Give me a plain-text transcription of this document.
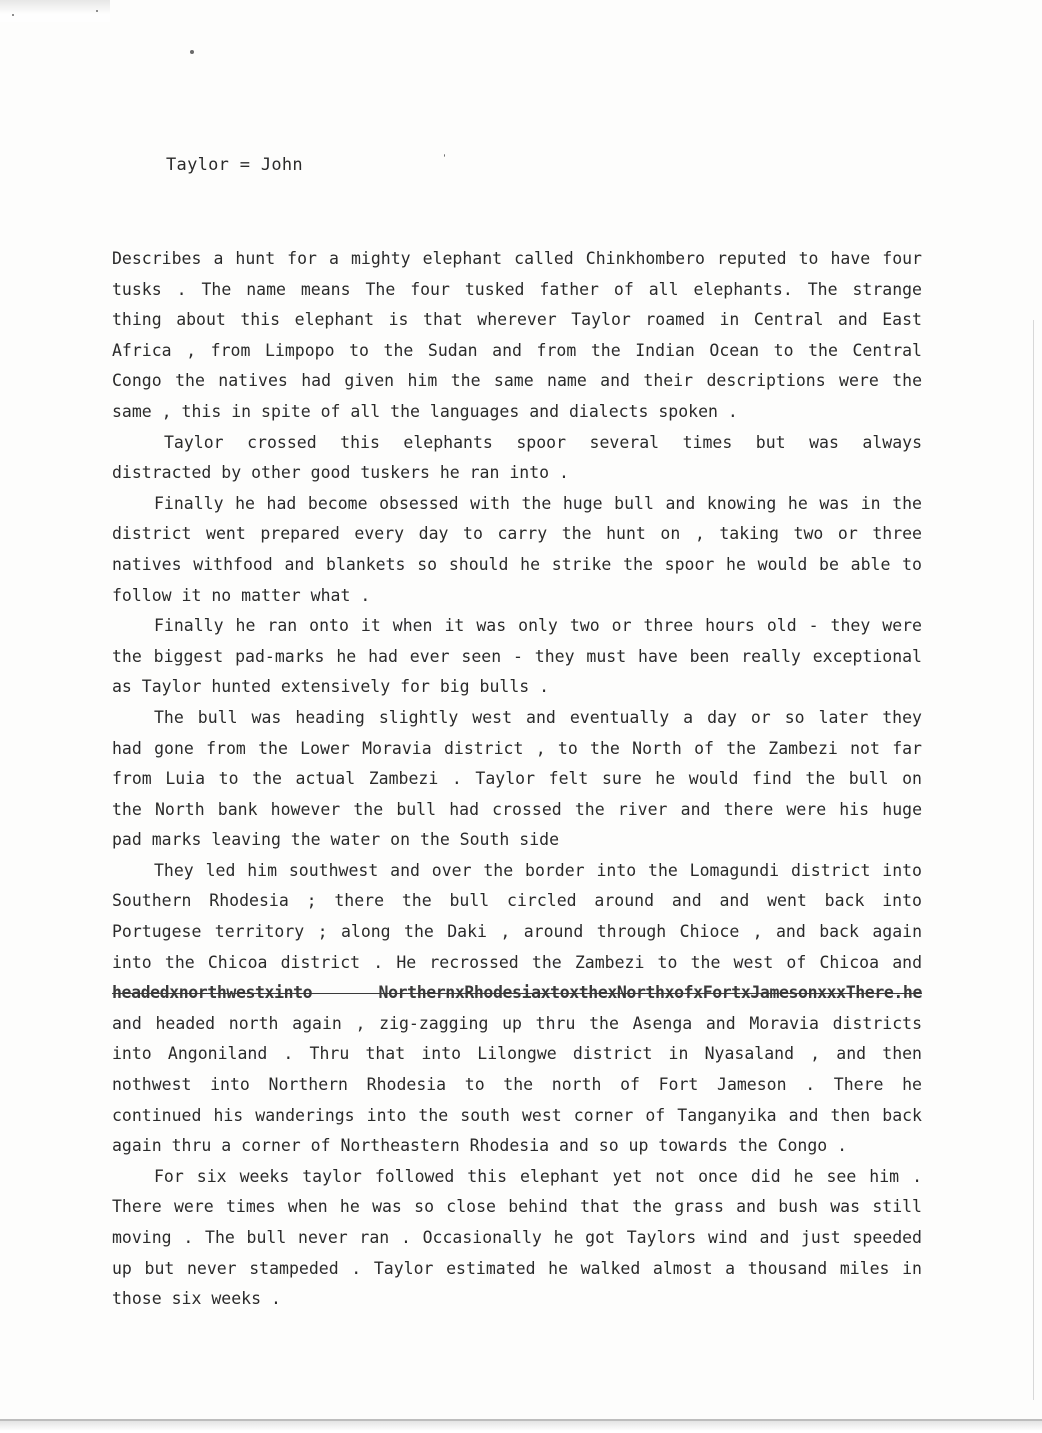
Taylor = John
Describes a hunt for a mighty elephant called Chinkhombero reputed to have four
tusks . The name means The four tusked father of all elephants. The strange
thing about this elephant is that wherever Taylor roamed in Central and East
Africa , from Limpopo to the Sudan and from the Indian Ocean to the Central
Congo the natives had given him the same name and their descriptions were the
same , this in spite of all the languages and dialects spoken .
Taylor crossed this elephants spoor several times but was always
distracted by other good tuskers he ran into .
Finally he had become obsessed with the huge bull and knowing he was in the
district went prepared every day to carry the hunt on , taking two or three
natives withfood and blankets so should he strike the spoor he would be able to
follow it no matter what .
Finally he ran onto it when it was only two or three hours old - they were
the biggest pad-marks he had ever seen - they must have been really exceptional
as Taylor hunted extensively for big bulls .
The bull was heading slightly west and eventually a day or so later they
had gone from the Lower Moravia district , to the North of the Zambezi not far
from Luia to the actual Zambezi . Taylor felt sure he would find the bull on
the North bank however the bull had crossed the river and there were his huge
pad marks leaving the water on the South side
They led him southwest and over the border into the Lomagundi district into
Southern Rhodesia ; there the bull circled around and and went back into
Portugese territory ; along the Daki , around through Chioce , and back again
into the Chicoa district . He recrossed the Zambezi to the west of Chicoa and
headedxnorthwestxinto NorthernxRhodesiaxtoxthexNorthxofxFortxJamesonxxxThere.he
and headed north again , zig-zagging up thru the Asenga and Moravia districts
into Angoniland . Thru that into Lilongwe district in Nyasaland , and then
nothwest into Northern Rhodesia to the north of Fort Jameson . There he
continued his wanderings into the south west corner of Tanganyika and then back
again thru a corner of Northeastern Rhodesia and so up towards the Congo .
For six weeks taylor followed this elephant yet not once did he see him .
There were times when he was so close behind that the grass and bush was still
moving . The bull never ran . Occasionally he got Taylors wind and just speeded
up but never stampeded . Taylor estimated he walked almost a thousand miles in
those six weeks .
